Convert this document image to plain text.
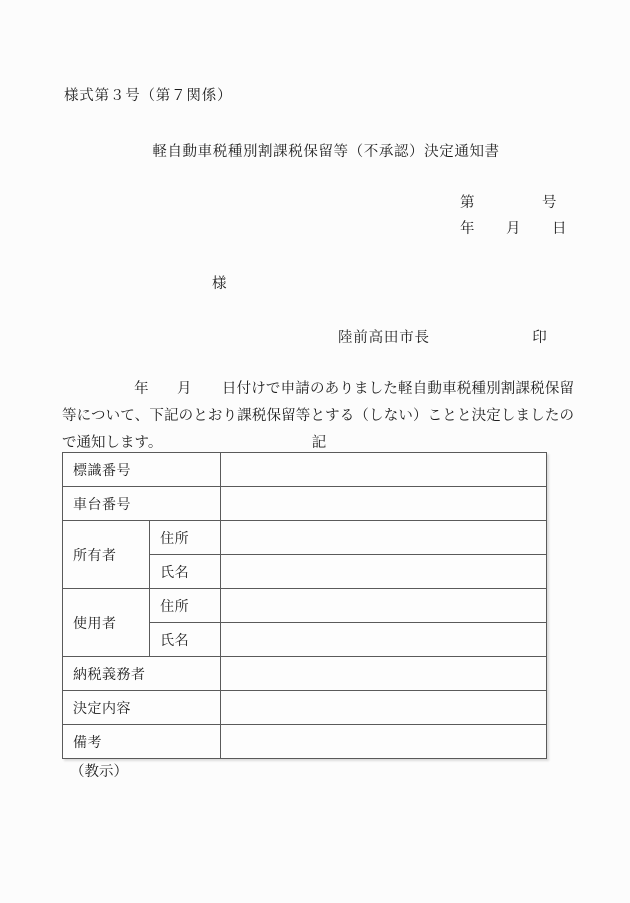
様式第３号（第７関係）
軽自動車税種別割課税保留等（不承認）決定通知書
第	号
年	月	日
様
陸前高田市長	印
年 月 日付けで申請のありました軽自動車税種別割課税保留等について、下記のとおり課税保留等とする（しない）ことと決定しましたので通知します。	記
標識番号		
車台番号		
所有者	住所	
	氏名	
使用者	住所	
	氏名	
納税義務者		
決定内容		
備考		
（教示）
